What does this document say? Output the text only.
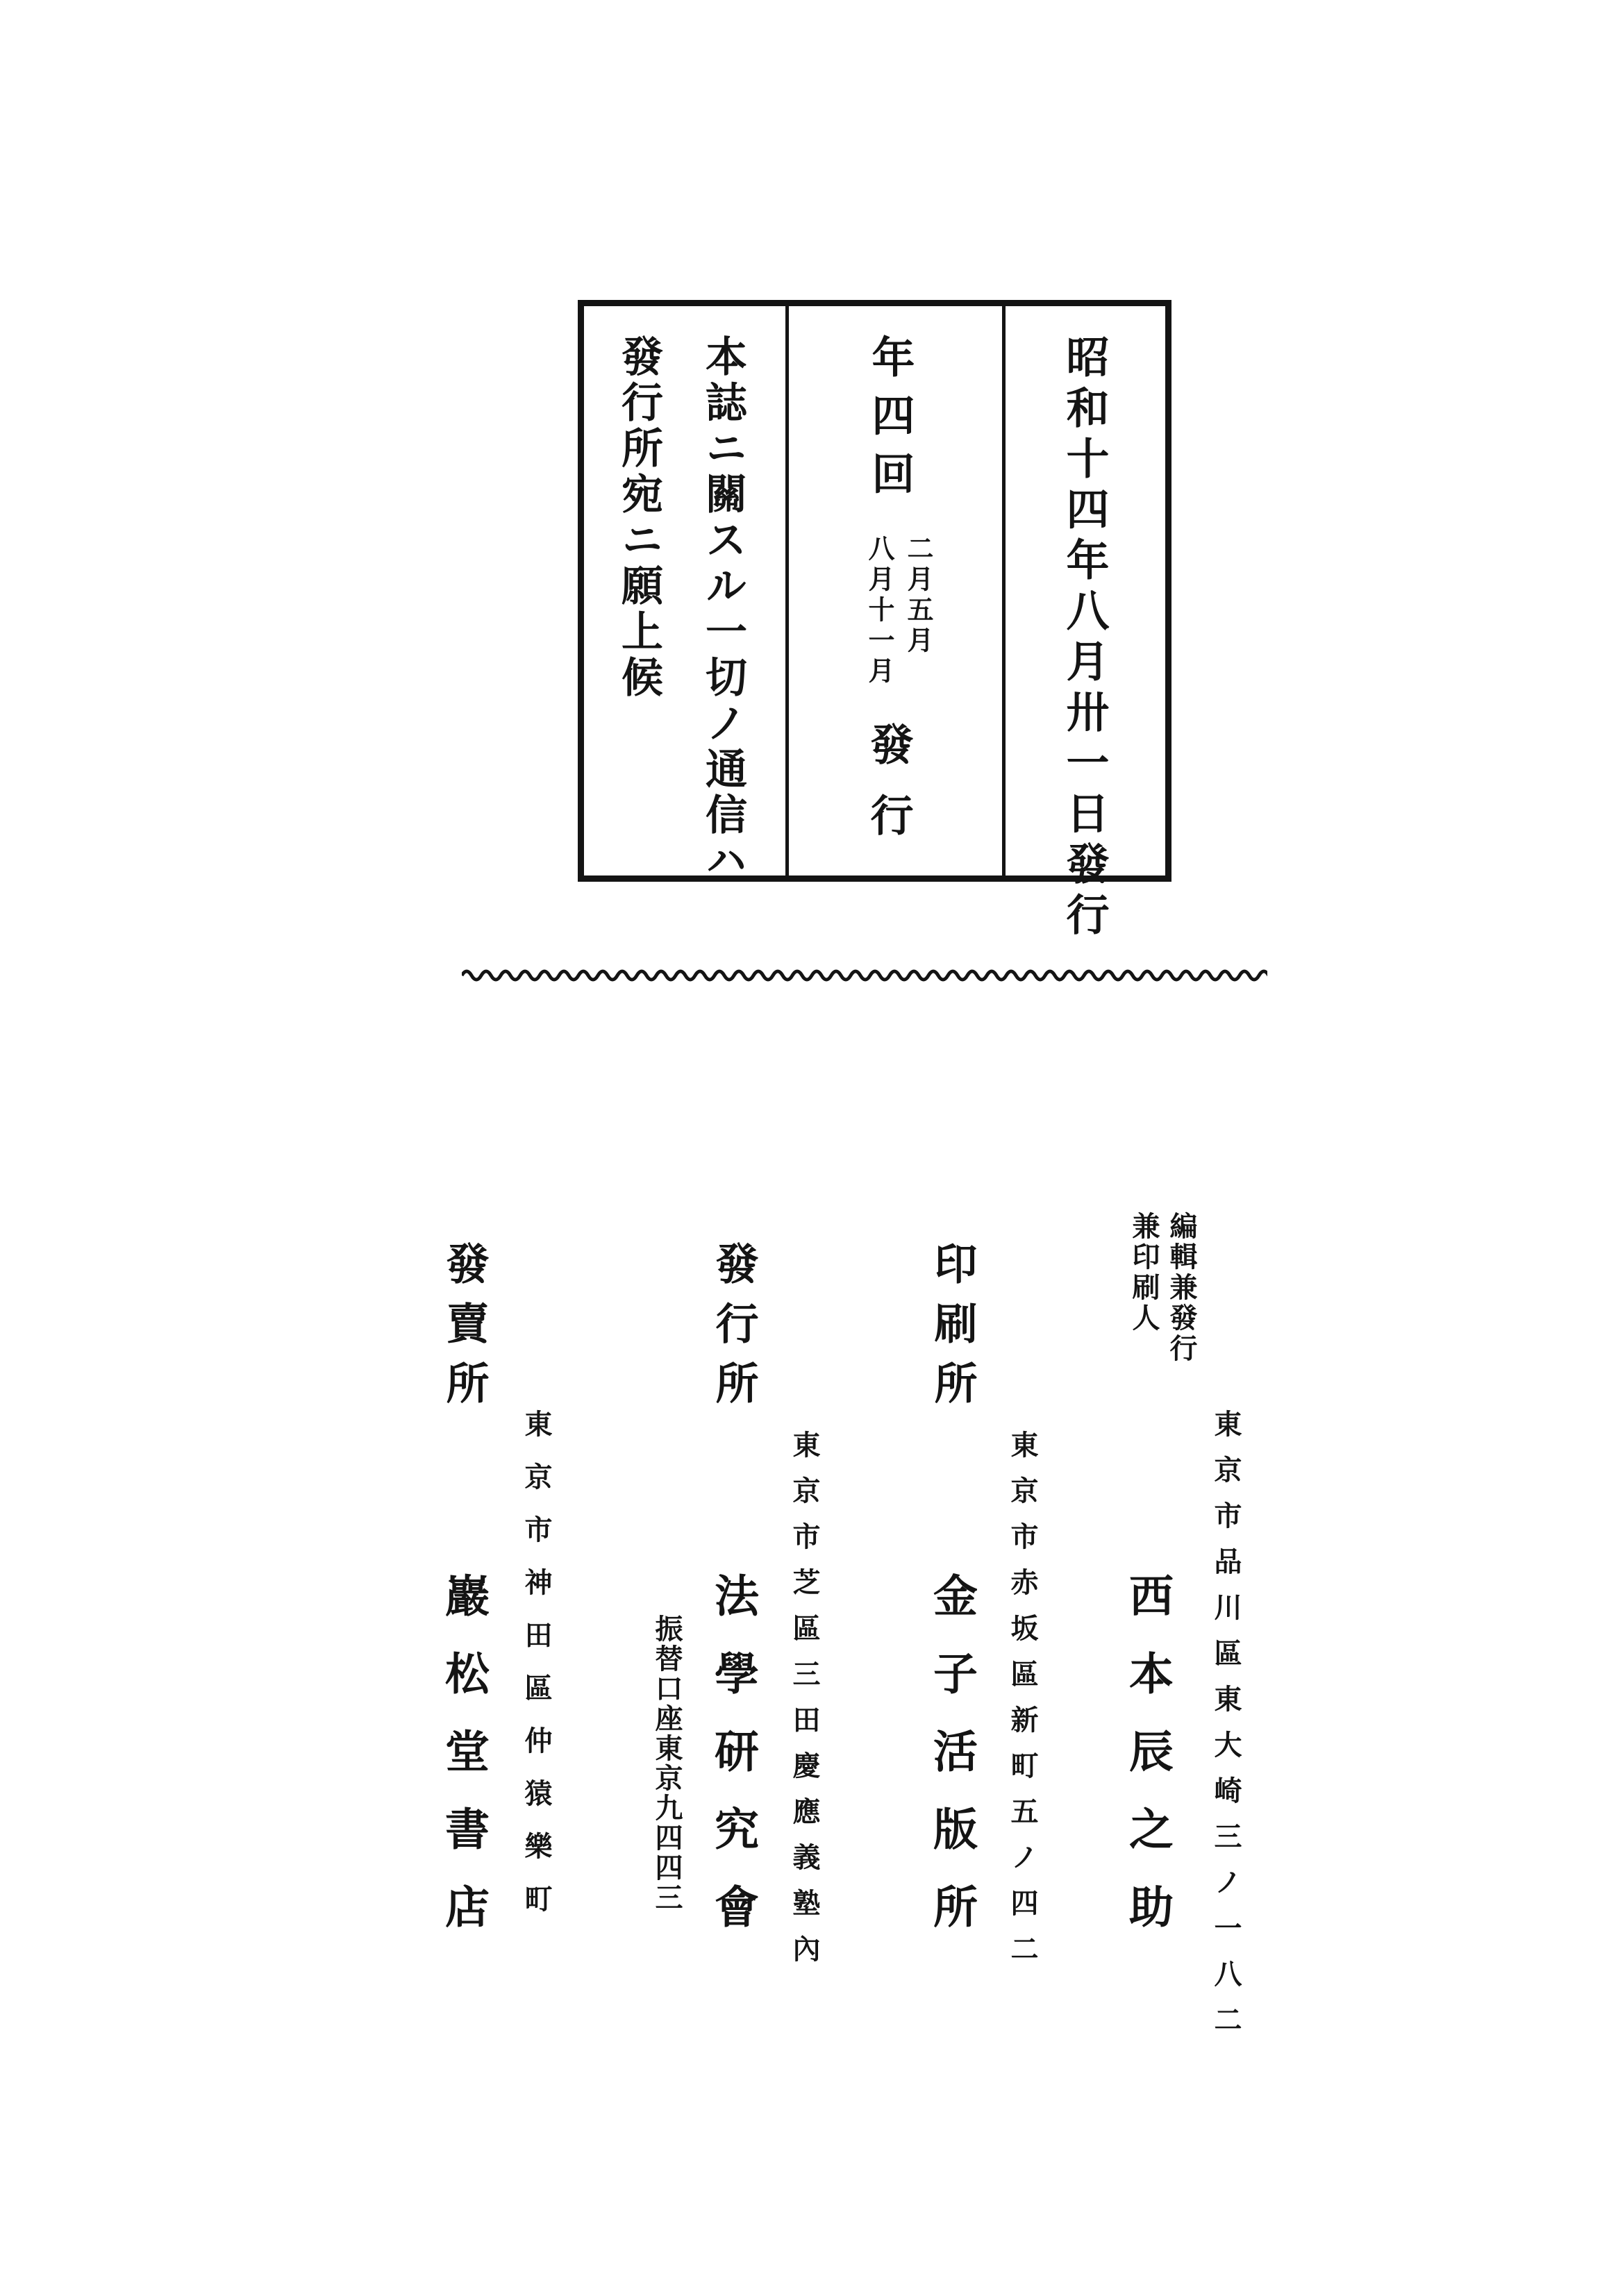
昭和十四年八月卅一日發行
年四回
二月五月
八月十一月
發行
本誌ニ關スル一切ノ通信ハ
發行所宛ニ願上候
編輯兼發行
兼印刷人
東京市品川區東大崎三ノ一八二
西本辰之助
印刷所
東京市赤坂區新町五ノ四二
金子活版所
發行所
東京市芝區三田慶應義塾內
振替口座東京九四四三 法學研究會
發賣所
東京市神田區仲猿樂町
巖松堂書店
